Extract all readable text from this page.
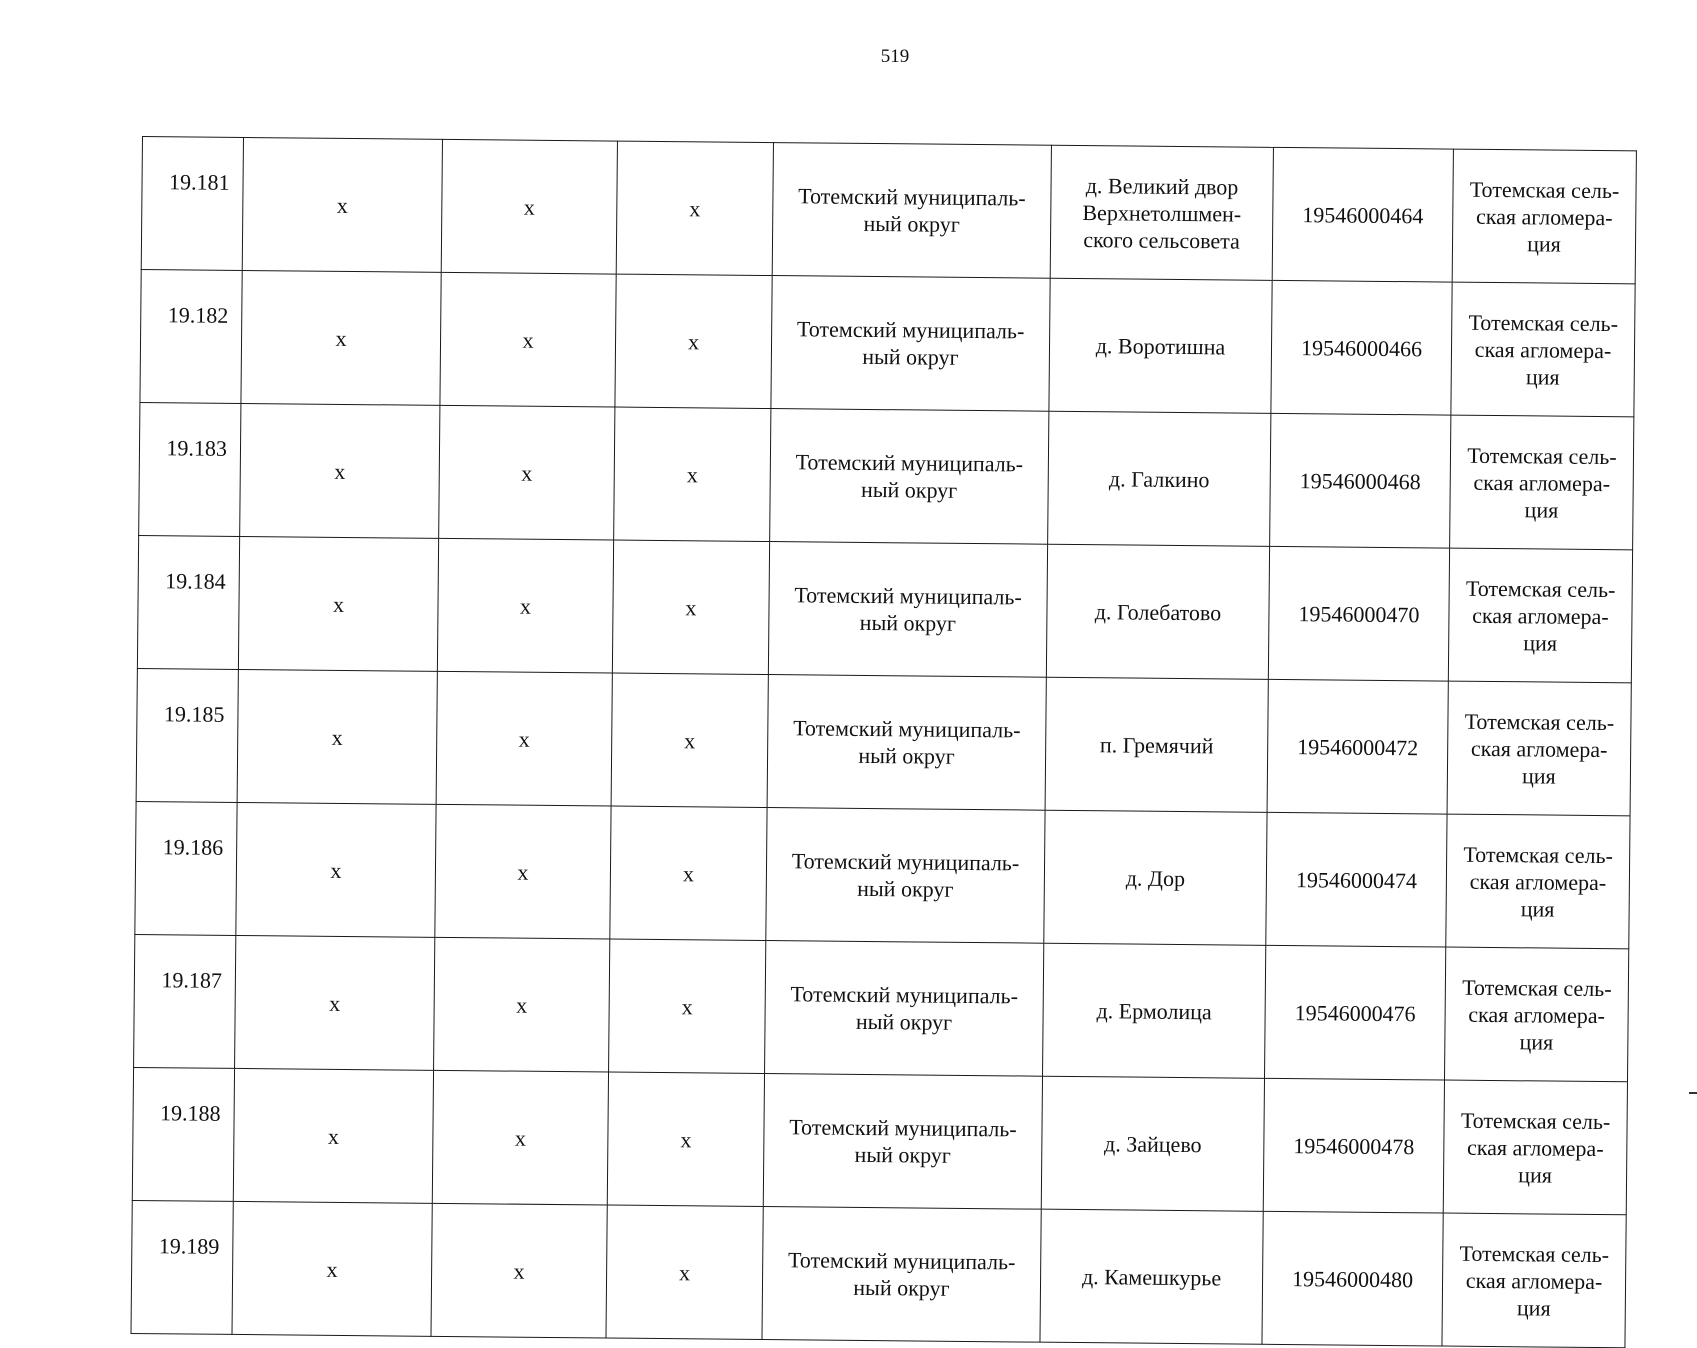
519
19.181	x	x	x	Тотемский муниципаль-
ный округ	д. Великий двор
Верхнетолшмен-
ского сельсовета	19546000464	Тотемская сель-
ская агломера-
ция
19.182	x	x	x	Тотемский муниципаль-
ный округ	д. Воротишна	19546000466	Тотемская сель-
ская агломера-
ция
19.183	x	x	x	Тотемский муниципаль-
ный округ	д. Галкино	19546000468	Тотемская сель-
ская агломера-
ция
19.184	x	x	x	Тотемский муниципаль-
ный округ	д. Голебатово	19546000470	Тотемская сель-
ская агломера-
ция
19.185	x	x	x	Тотемский муниципаль-
ный округ	п. Гремячий	19546000472	Тотемская сель-
ская агломера-
ция
19.186	x	x	x	Тотемский муниципаль-
ный округ	д. Дор	19546000474	Тотемская сель-
ская агломера-
ция
19.187	x	x	x	Тотемский муниципаль-
ный округ	д. Ермолица	19546000476	Тотемская сель-
ская агломера-
ция
19.188	x	x	x	Тотемский муниципаль-
ный округ	д. Зайцево	19546000478	Тотемская сель-
ская агломера-
ция
19.189	x	x	x	Тотемский муниципаль-
ный округ	д. Камешкурье	19546000480	Тотемская сель-
ская агломера-
ция
